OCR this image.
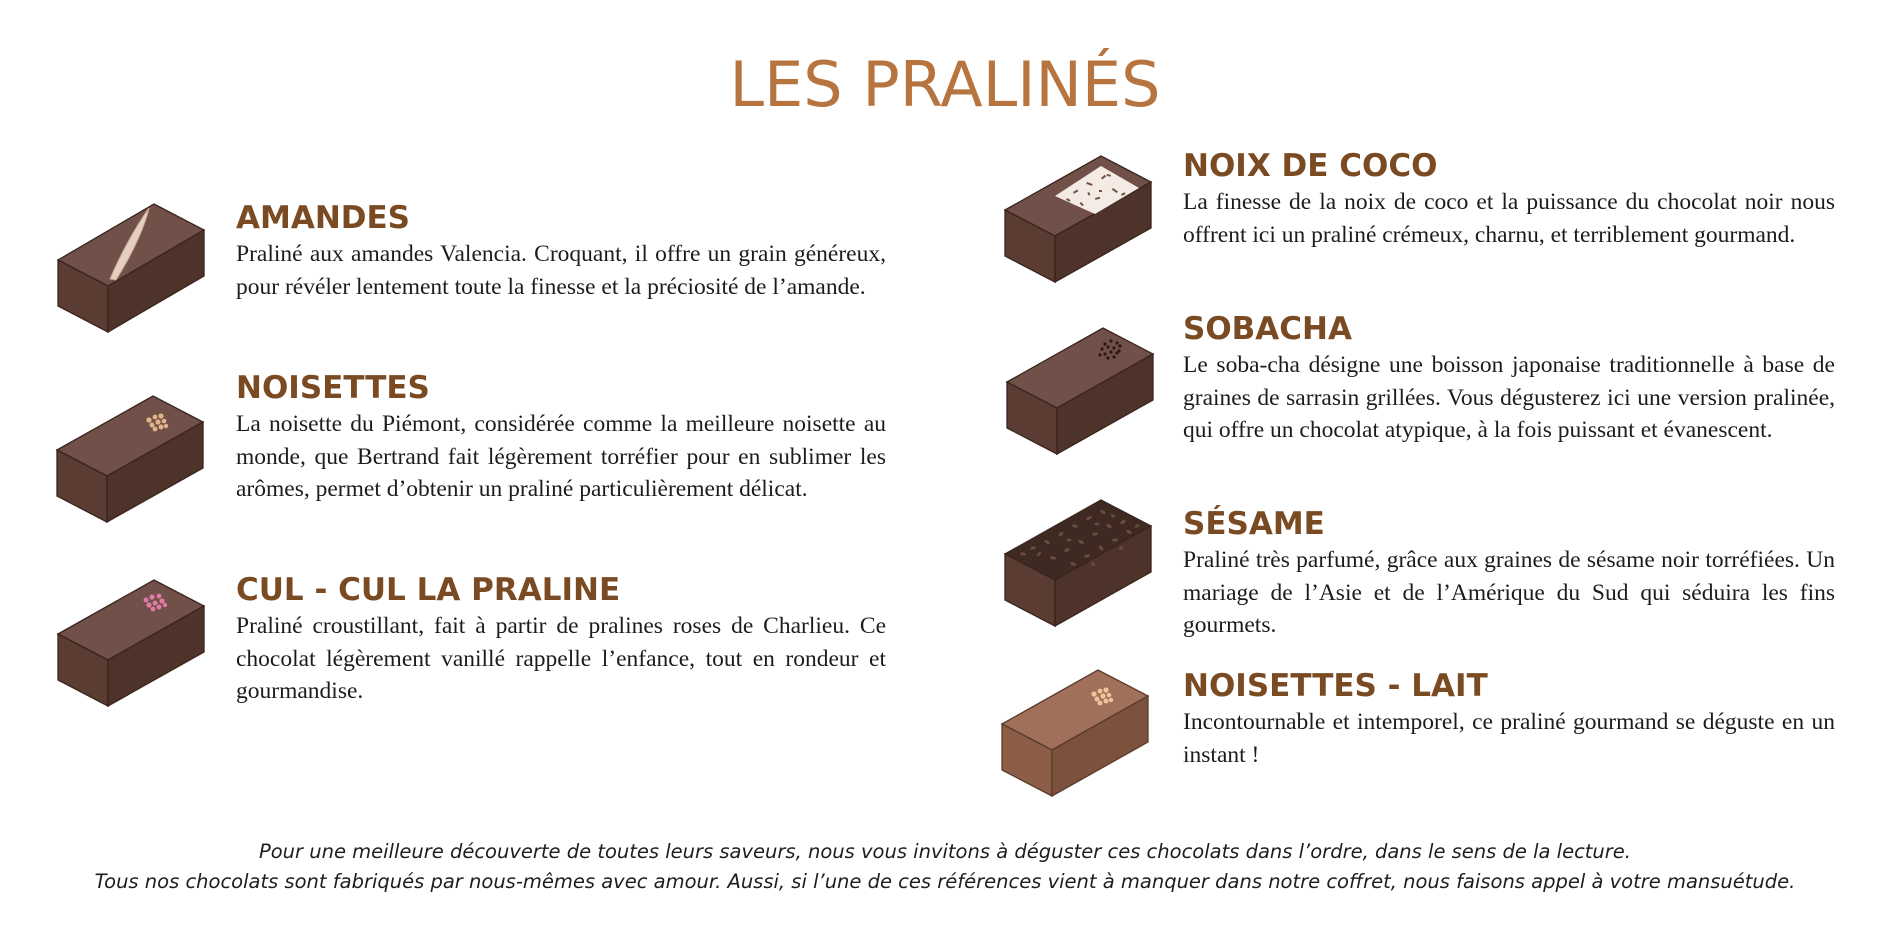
LES PRALINÉS
AMANDES

Praliné aux amandes Valencia. Croquant, il offre un grain généreux, pour révéler lentement toute la finesse et la préciosité de l’amande.

NOISETTES

La noisette du Piémont, considérée comme la meilleure noisette au monde, que Bertrand fait légèrement torréfier pour en sublimer les arômes, permet d’obtenir un praliné particulièrement délicat.

CUL - CUL LA PRALINE

Praliné croustillant, fait à partir de pralines roses de Charlieu. Ce chocolat légèrement vanillé rappelle l’enfance, tout en rondeur et gourmandise.

NOIX DE COCO

La finesse de la noix de coco et la puissance du chocolat noir nous offrent ici un praliné crémeux, charnu, et terriblement gourmand.

SOBACHA

Le soba-cha désigne une boisson japonaise traditionnelle à base de graines de sarrasin grillées. Vous dégusterez ici une version pralinée, qui offre un chocolat atypique, à la fois puissant et évanescent.

SÉSAME

Praliné très parfumé, grâce aux graines de sésame noir torréfiées. Un mariage de l’Asie et de l’Amérique du Sud qui séduira les fins gourmets.

NOISETTES - LAIT

Incontournable et intemporel, ce praliné gourmand se déguste en un instant !

Pour une meilleure découverte de toutes leurs saveurs, nous vous invitons à déguster ces chocolats dans l’ordre, dans le sens de la lecture.
Tous nos chocolats sont fabriqués par nous-mêmes avec amour. Aussi, si l’une de ces références vient à manquer dans notre coffret, nous faisons appel à votre mansuétude.
